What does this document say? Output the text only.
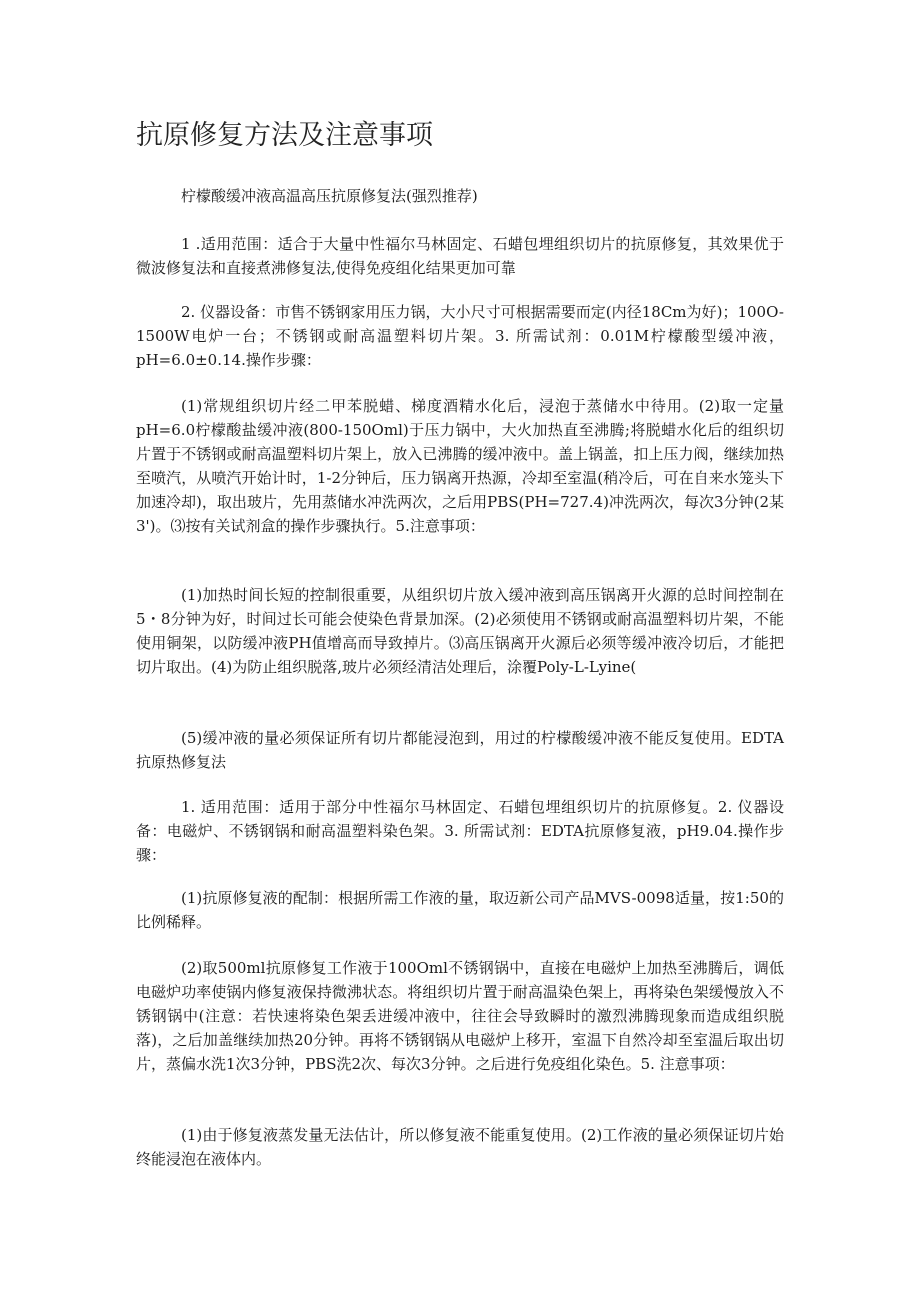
抗原修复方法及注意事项

柠檬酸缓冲液高温高压抗原修复法(强烈推荐)

1 .适用范围：适合于大量中性福尔马林固定、石蜡包埋组织切片的抗原修复，其效果优于微波修复法和直接煮沸修复法,使得免疫组化结果更加可靠

2. 仪器设备：市售不锈钢家用压力锅，大小尺寸可根据需要而定(内径18Cm为好)；100O-1500W电炉一台；不锈钢或耐高温塑料切片架。3. 所需试剂：0.01M柠檬酸型缓冲液，pH=6.0±0.14.操作步骤：

(1)常规组织切片经二甲苯脱蜡、梯度酒精水化后，浸泡于蒸储水中待用。(2)取一定量pH=6.0柠檬酸盐缓冲液(800-150Oml)于压力锅中，大火加热直至沸腾;将脱蜡水化后的组织切片置于不锈钢或耐高温塑料切片架上，放入已沸腾的缓冲液中。盖上锅盖，扣上压力阀，继续加热至喷汽，从喷汽开始计时，1-2分钟后，压力锅离开热源，冷却至室温(稍冷后，可在自来水笼头下加速冷却)，取出玻片，先用蒸储水冲洗两次，之后用PBS(PH=727.4)冲洗两次，每次3分钟(2某3')。⑶按有关试剂盒的操作步骤执行。5.注意事项：

(1)加热时间长短的控制很重要，从组织切片放入缓冲液到高压锅离开火源的总时间控制在5・8分钟为好，时间过长可能会使染色背景加深。(2)必须使用不锈钢或耐高温塑料切片架，不能使用铜架，以防缓冲液PH值增高而导致掉片。⑶高压锅离开火源后必须等缓冲液冷切后，才能把切片取出。(4)为防止组织脱落,玻片必须经清洁处理后，涂覆Poly-L-Lyine(

(5)缓冲液的量必须保证所有切片都能浸泡到，用过的柠檬酸缓冲液不能反复使用。EDTA抗原热修复法

1. 适用范围：适用于部分中性福尔马林固定、石蜡包埋组织切片的抗原修复。2. 仪器设备：电磁炉、不锈钢锅和耐高温塑料染色架。3. 所需试剂：EDTA抗原修复液，pH9.04.操作步骤：

(1)抗原修复液的配制：根据所需工作液的量，取迈新公司产品MVS-0098适量，按1:50的比例稀释。

(2)取500ml抗原修复工作液于100Oml不锈钢锅中，直接在电磁炉上加热至沸腾后，调低电磁炉功率使锅内修复液保持微沸状态。将组织切片置于耐高温染色架上，再将染色架缓慢放入不锈钢锅中(注意：若快速将染色架丢进缓冲液中，往往会导致瞬时的激烈沸腾现象而造成组织脱落)，之后加盖继续加热20分钟。再将不锈钢锅从电磁炉上移开，室温下自然冷却至室温后取出切片，蒸偏水洗1次3分钟，PBS洗2次、每次3分钟。之后进行免疫组化染色。5. 注意事项：

(1)由于修复液蒸发量无法估计，所以修复液不能重复使用。(2)工作液的量必须保证切片始终能浸泡在液体内。
